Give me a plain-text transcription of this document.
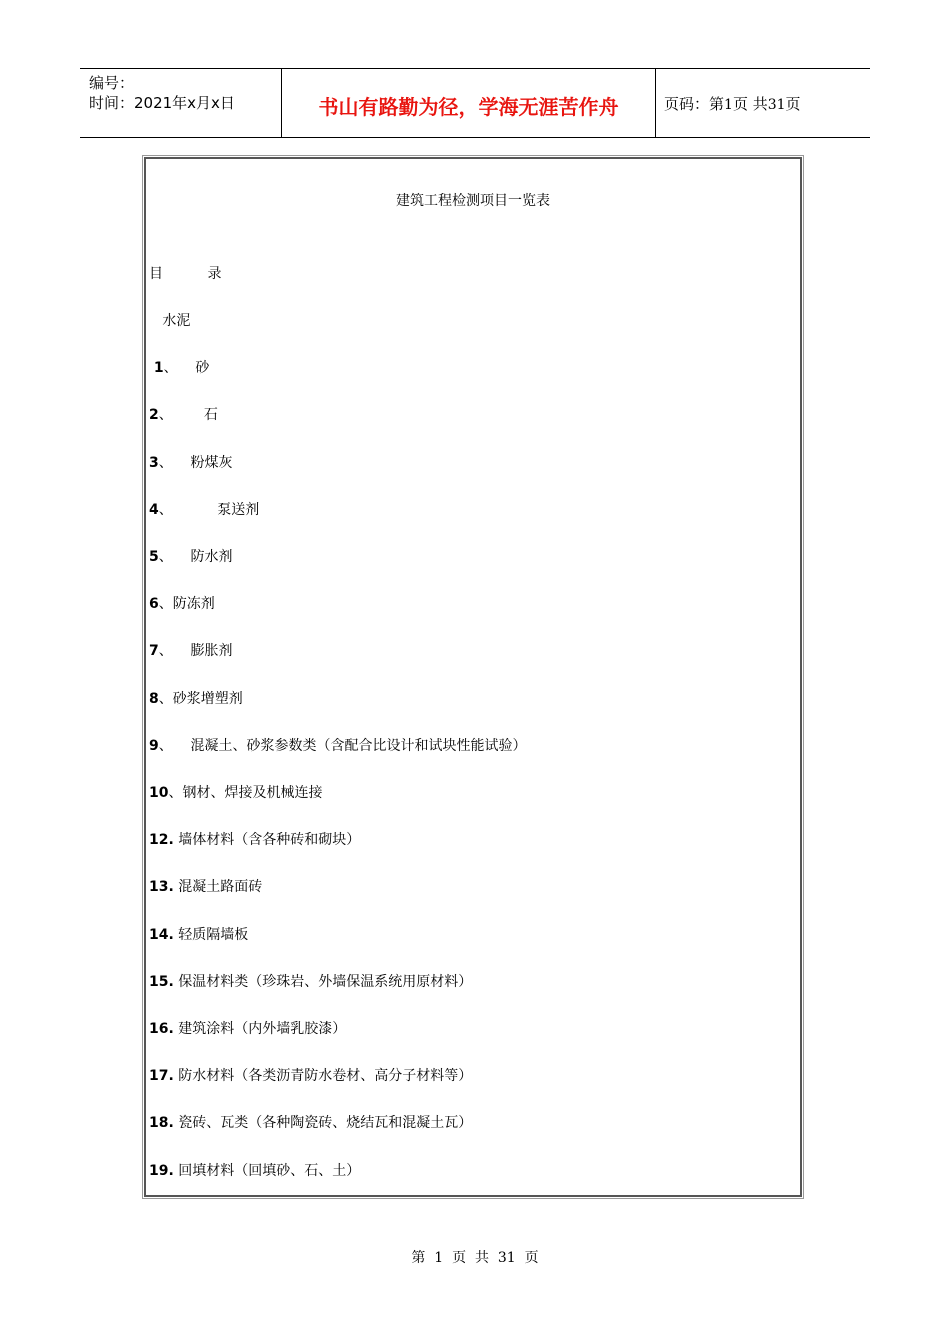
编号：
时间：2021年x月x日	书山有路勤为径，学海无涯苦作舟	页码：第1页 共31页
建筑工程检测项目一览表
目          录
水泥
1、    砂
2、       石
3、    粉煤灰
4、          泵送剂
5、    防水剂
6、防冻剂
7、    膨胀剂
8、砂浆增塑剂
9、    混凝土、砂浆参数类（含配合比设计和试块性能试验）
10、钢材、焊接及机械连接
12. 墙体材料（含各种砖和砌块）
13. 混凝土路面砖
14. 轻质隔墙板
15. 保温材料类（珍珠岩、外墙保温系统用原材料）
16. 建筑涂料（内外墙乳胶漆）
17. 防水材料（各类沥青防水卷材、高分子材料等）
18. 瓷砖、瓦类（各种陶瓷砖、烧结瓦和混凝土瓦）
19. 回填材料（回填砂、石、土）
第  1  页  共  31  页
